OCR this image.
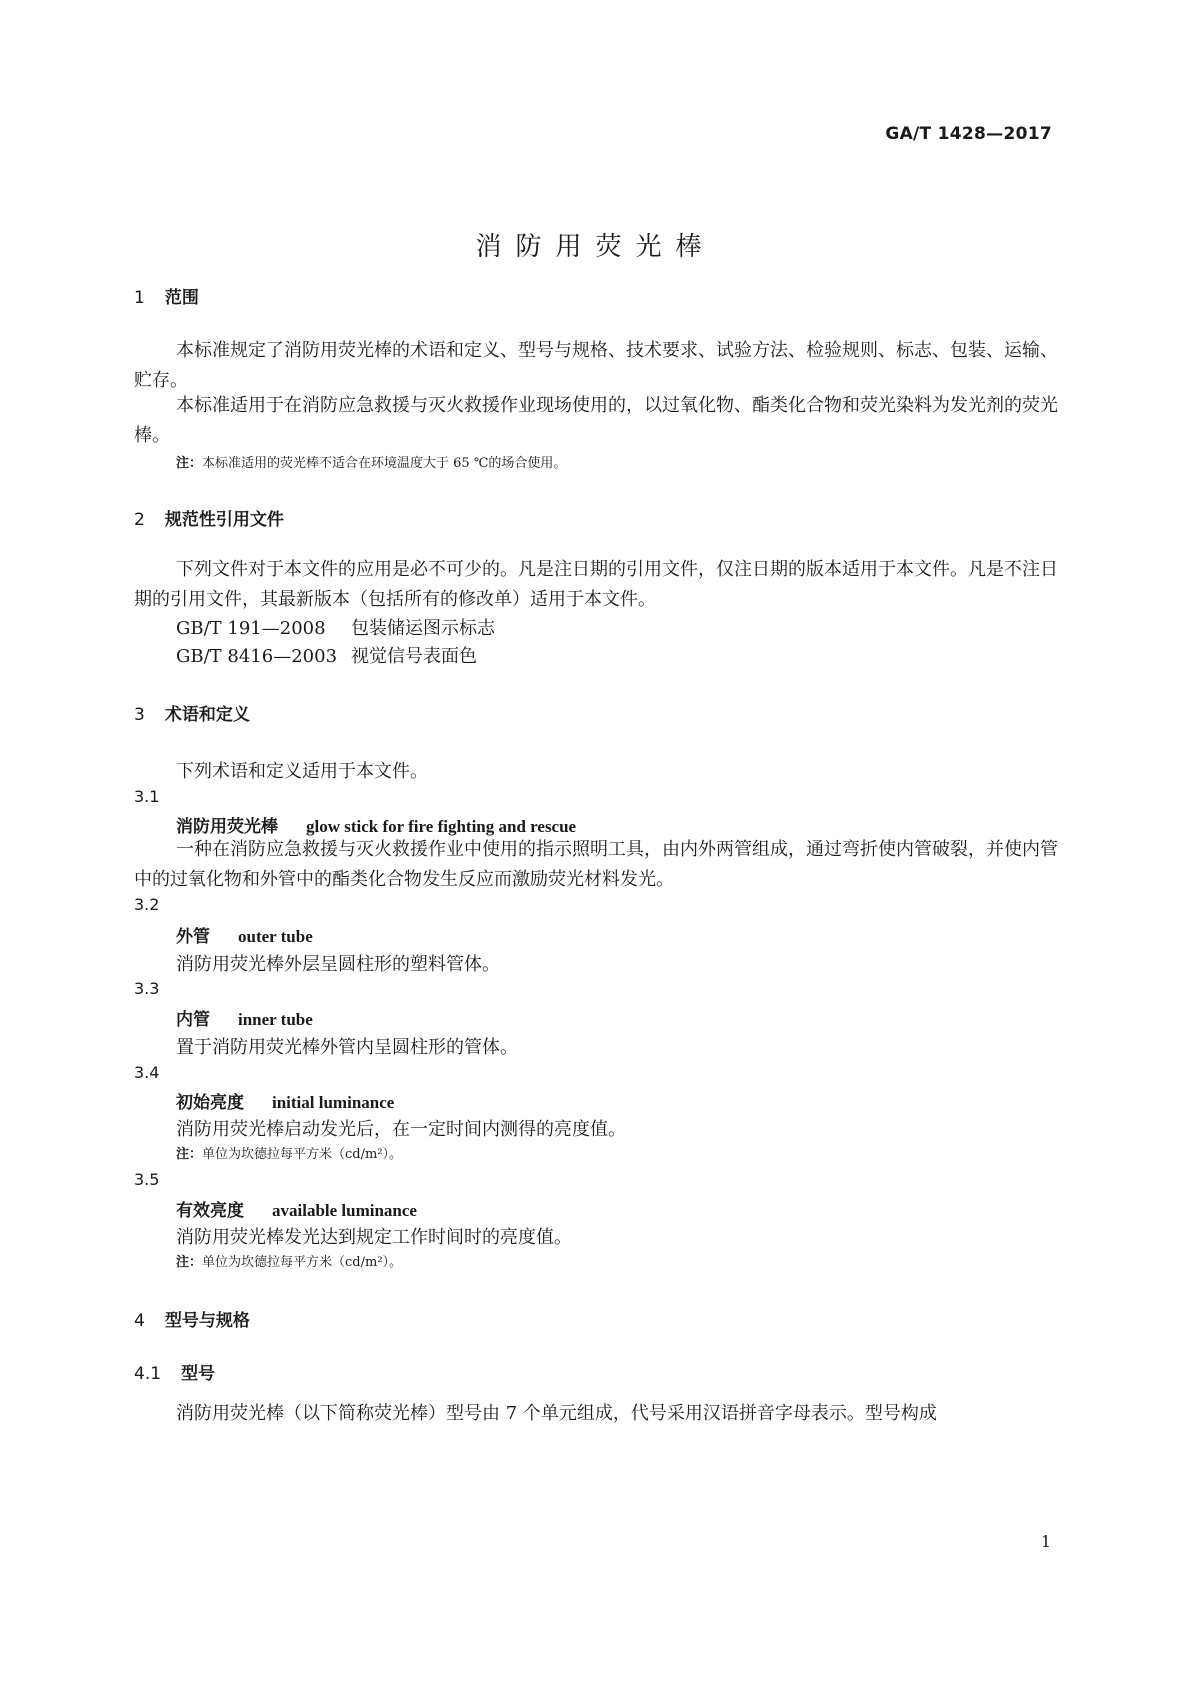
GA/T 1428—2017
消防用荧光棒
1 范围
本标准规定了消防用荧光棒的术语和定义、型号与规格、技术要求、试验方法、检验规则、标志、包装、运输、贮存。
本标准适用于在消防应急救援与灭火救援作业现场使用的，以过氧化物、酯类化合物和荧光染料为发光剂的荧光棒。
注：本标准适用的荧光棒不适合在环境温度大于 65 ℃的场合使用。
2 规范性引用文件
下列文件对于本文件的应用是必不可少的。凡是注日期的引用文件，仅注日期的版本适用于本文件。凡是不注日期的引用文件，其最新版本（包括所有的修改单）适用于本文件。
GB/T 191—2008 包装储运图示标志
GB/T 8416—2003 视觉信号表面色
3 术语和定义
下列术语和定义适用于本文件。
3.1
消防用荧光棒 glow stick for fire fighting and rescue
一种在消防应急救援与灭火救援作业中使用的指示照明工具，由内外两管组成，通过弯折使内管破裂，并使内管中的过氧化物和外管中的酯类化合物发生反应而激励荧光材料发光。
3.2
外管 outer tube
消防用荧光棒外层呈圆柱形的塑料管体。
3.3
内管 inner tube
置于消防用荧光棒外管内呈圆柱形的管体。
3.4
初始亮度 initial luminance
消防用荧光棒启动发光后，在一定时间内测得的亮度值。
注：单位为坎德拉每平方米（cd/m²）。
3.5
有效亮度 available luminance
消防用荧光棒发光达到规定工作时间时的亮度值。
注：单位为坎德拉每平方米（cd/m²）。
4 型号与规格
4.1 型号
消防用荧光棒（以下简称荧光棒）型号由 7 个单元组成，代号采用汉语拼音字母表示。型号构成
1
